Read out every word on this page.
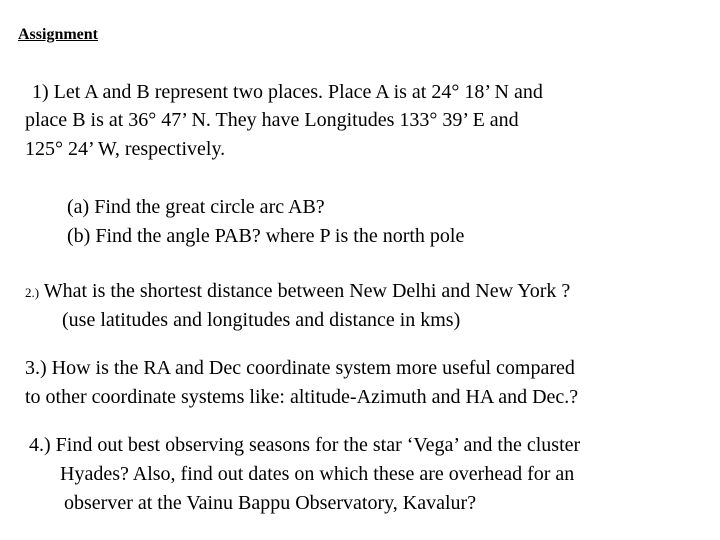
Assignment
1) Let A and B represent two places. Place A is at 24° 18’ N and
place B is at 36° 47’ N. They have Longitudes 133° 39’ E and
125° 24’ W, respectively.
(a) Find the great circle arc AB?
(b) Find the angle PAB? where P is the north pole
2.) What is the shortest distance between New Delhi and New York ?
(use latitudes and longitudes and distance in kms)
3.) How is the RA and Dec coordinate system more useful compared
to other coordinate systems like: altitude-Azimuth and HA and Dec.?
4.) Find out best observing seasons for the star ‘Vega’ and the cluster
Hyades? Also, find out dates on which these are overhead for an
observer at the Vainu Bappu Observatory, Kavalur?
